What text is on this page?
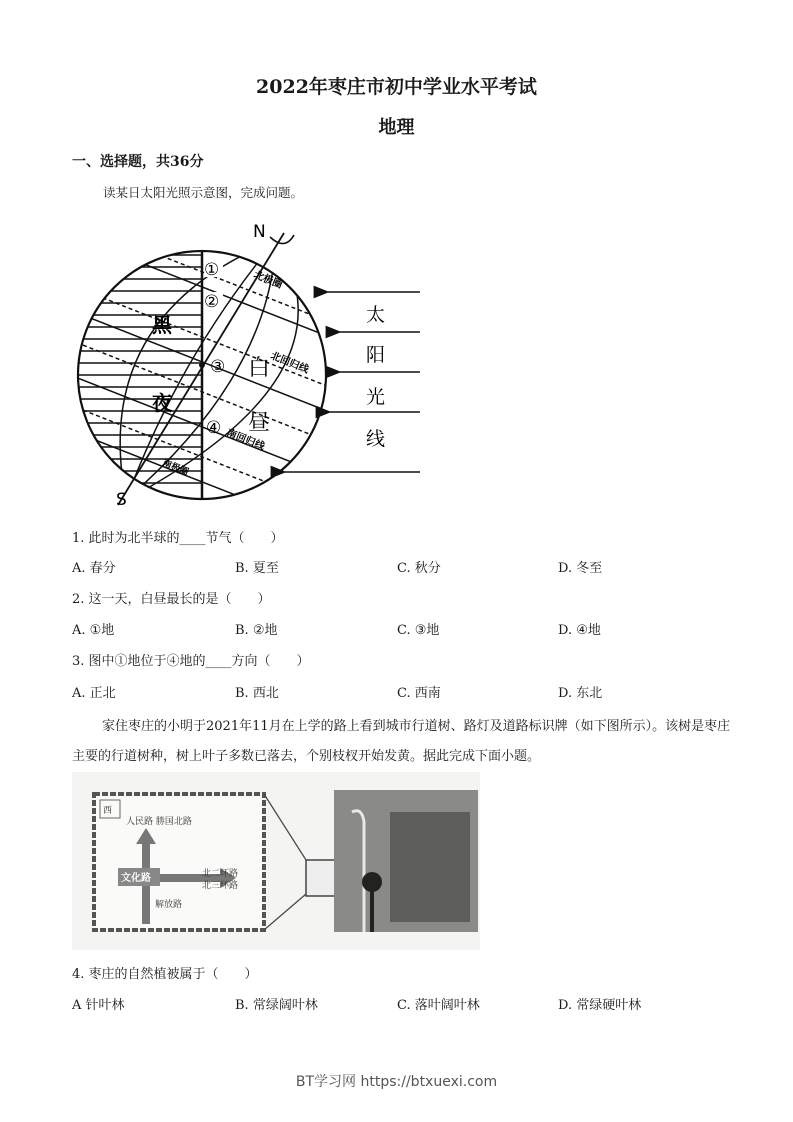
2022年枣庄市初中学业水平考试
地理
一、选择题，共36分
读某日太阳光照示意图，完成问题。
N
S
黑
夜
白
昼
①
②
③
④
北极圈
北回归线
南回归线
南极圈
太
阳
光
线
1. 此时为北半球的____节气（　　）
A. 春分	B. 夏至	C. 秋分	D. 冬至
2. 这一天，白昼最长的是（　　）
A. ①地	B. ②地	C. ③地	D. ④地
3. 图中①地位于④地的____方向（　　）
A. 正北	B. 西北	C. 西南	D. 东北
家住枣庄的小明于2021年11月在上学的路上看到城市行道树、路灯及道路标识牌（如下图所示）。该树是枣庄主要的行道树种，树上叶子多数已落去，个别枝杈开始发黄。据此完成下面小题。
西
人民路 勝国北路
文化路	北二环路
北三环路
解放路
4. 枣庄的自然植被属于（　　）
A 针叶林	B. 常绿阔叶林	C. 落叶阔叶林	D. 常绿硬叶林
BT学习网 https://btxuexi.com
